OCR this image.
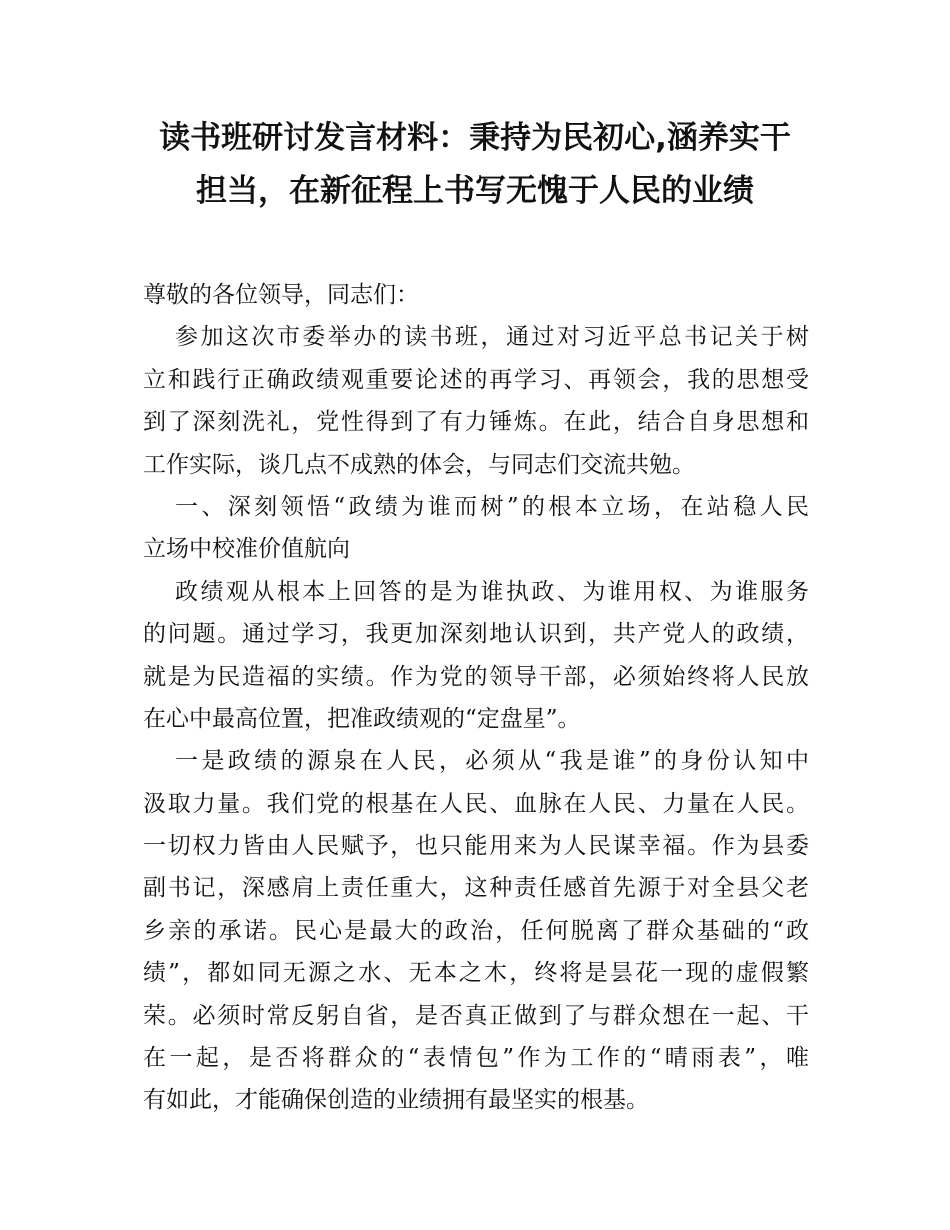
读书班研讨发言材料：秉持为民初心,涵养实干
担当，在新征程上书写无愧于人民的业绩
尊敬的各位领导，同志们：
参加这次市委举办的读书班，通过对习近平总书记关于树
立和践行正确政绩观重要论述的再学习、再领会，我的思想受
到了深刻洗礼，党性得到了有力锤炼。在此，结合自身思想和
工作实际，谈几点不成熟的体会，与同志们交流共勉。
一、深刻领悟“政绩为谁而树”的根本立场，在站稳人民
立场中校准价值航向
政绩观从根本上回答的是为谁执政、为谁用权、为谁服务
的问题。通过学习，我更加深刻地认识到，共产党人的政绩，
就是为民造福的实绩。作为党的领导干部，必须始终将人民放
在心中最高位置，把准政绩观的“定盘星”。
一是政绩的源泉在人民，必须从“我是谁”的身份认知中
汲取力量。我们党的根基在人民、血脉在人民、力量在人民。
一切权力皆由人民赋予，也只能用来为人民谋幸福。作为县委
副书记，深感肩上责任重大，这种责任感首先源于对全县父老
乡亲的承诺。民心是最大的政治，任何脱离了群众基础的“政
绩”，都如同无源之水、无本之木，终将是昙花一现的虚假繁
荣。必须时常反躬自省，是否真正做到了与群众想在一起、干
在一起，是否将群众的“表情包”作为工作的“晴雨表”，唯
有如此，才能确保创造的业绩拥有最坚实的根基。
